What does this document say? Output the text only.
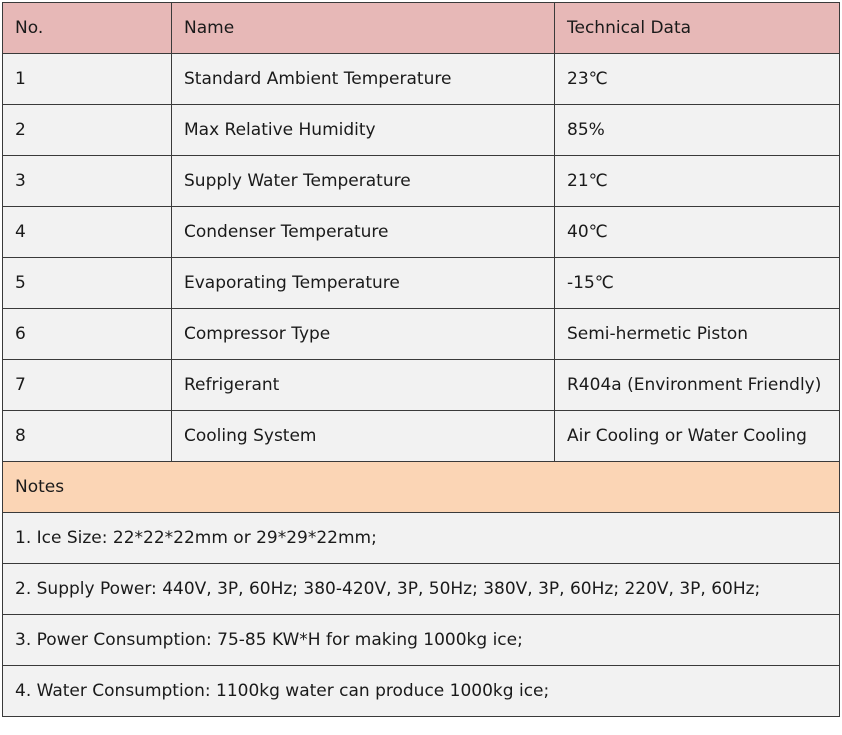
No.	Name	Technical Data
1	Standard Ambient Temperature	23℃
2	Max Relative Humidity	85%
3	Supply Water Temperature	21℃
4	Condenser Temperature	40℃
5	Evaporating Temperature	-15℃
6	Compressor Type	Semi-hermetic Piston
7	Refrigerant	R404a (Environment Friendly)
8	Cooling System	Air Cooling or Water Cooling
Notes		
1. Ice Size: 22*22*22mm or 29*29*22mm;		
2. Supply Power: 440V, 3P, 60Hz; 380-420V, 3P, 50Hz; 380V, 3P, 60Hz; 220V, 3P, 60Hz;		
3. Power Consumption: 75-85 KW*H for making 1000kg ice;		
4. Water Consumption: 1100kg water can produce 1000kg ice;		
